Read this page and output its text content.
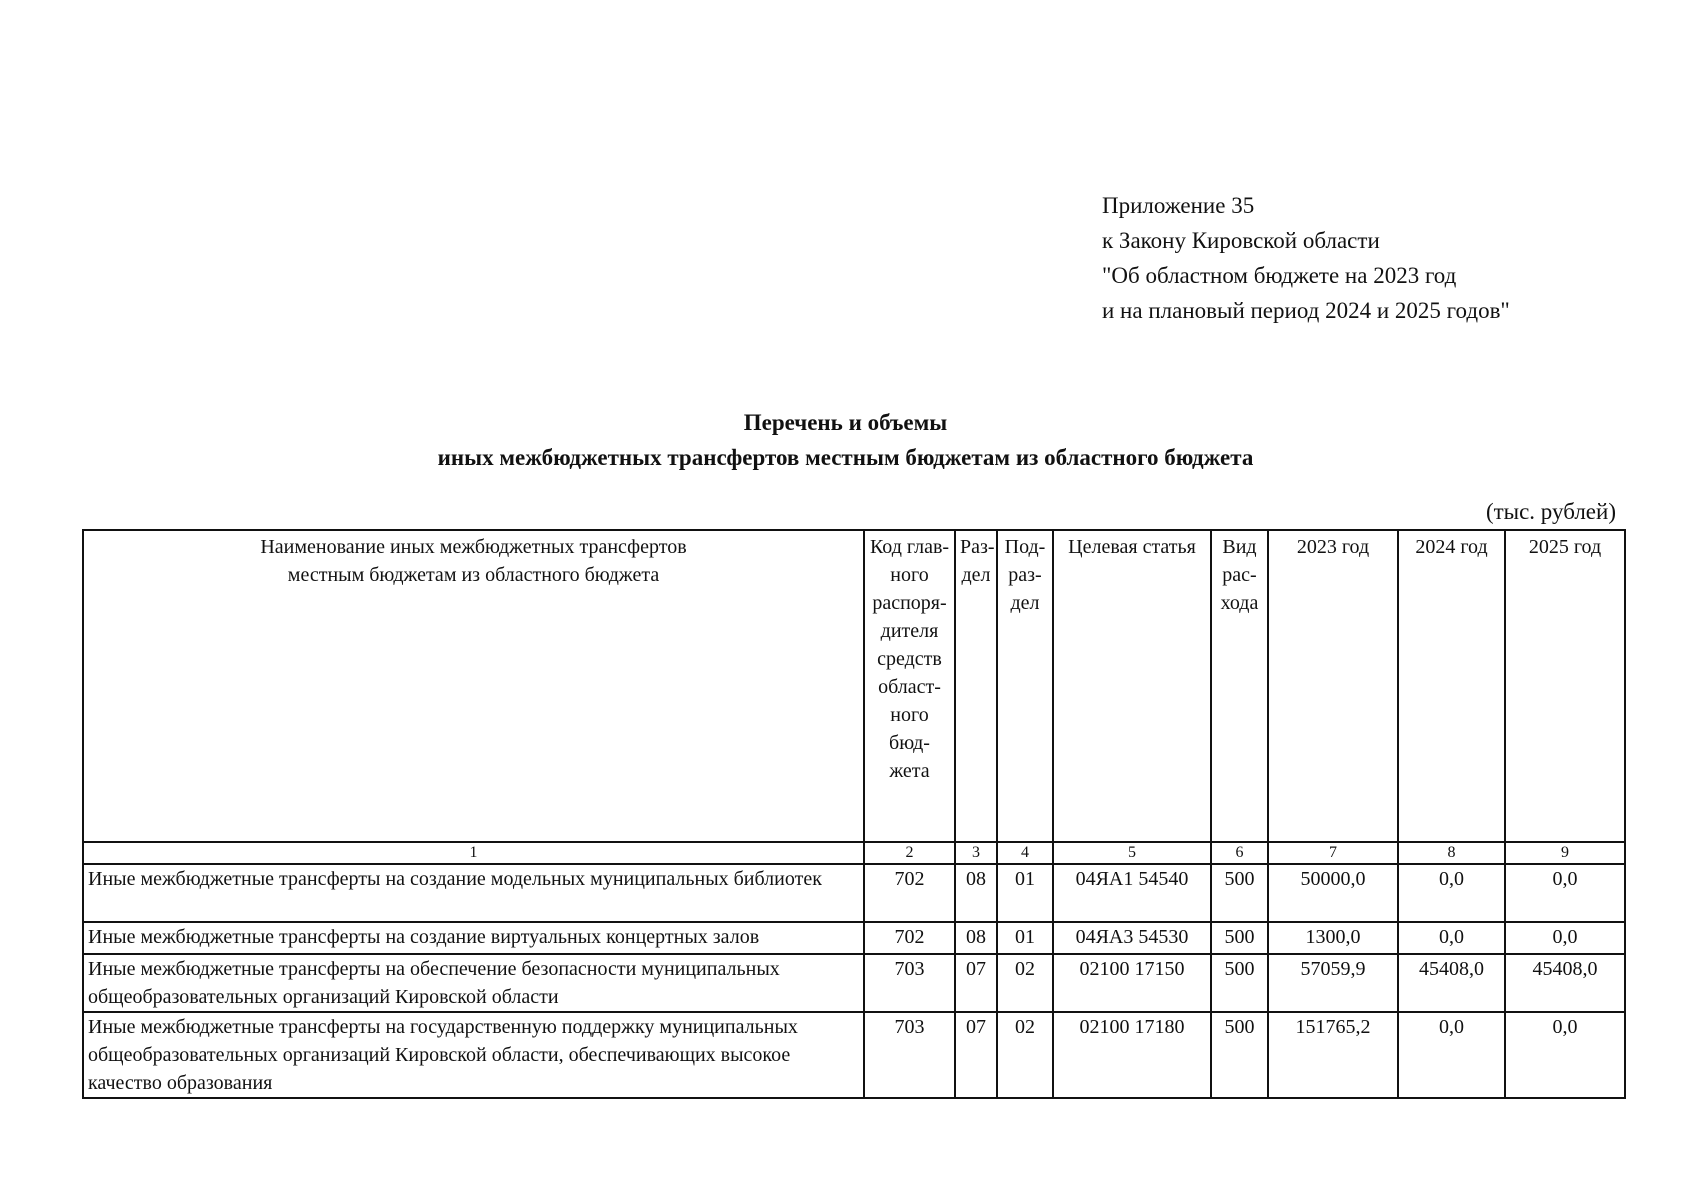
Приложение 35
к Закону Кировской области
"Об областном бюджете на 2023 год
и на плановый период 2024 и 2025 годов"
Перечень и объемы
иных межбюджетных трансфертов местным бюджетам из областного бюджета
(тыс. рублей)
Наименование иных межбюджетных трансфертов
местным бюджетам из областного бюджета	Код глав- ного распоря- дителя средств област- ного бюд- жета	Раз- дел	Под- раз- дел	Целевая статья	Вид рас- хода	2023 год	2024 год	2025 год
1	2	3	4	5	6	7	8	9
Иные межбюджетные трансферты на создание модельных муниципальных библиотек	702	08	01	04ЯА1 54540	500	50000,0	0,0	0,0
Иные межбюджетные трансферты на создание виртуальных концертных залов	702	08	01	04ЯА3 54530	500	1300,0	0,0	0,0
Иные межбюджетные трансферты на обеспечение безопасности муниципальных общеобразовательных организаций Кировской области	703	07	02	02100 17150	500	57059,9	45408,0	45408,0
Иные межбюджетные трансферты на государственную поддержку муниципальных общеобразовательных организаций Кировской области, обеспечивающих высокое качество образования	703	07	02	02100 17180	500	151765,2	0,0	0,0
